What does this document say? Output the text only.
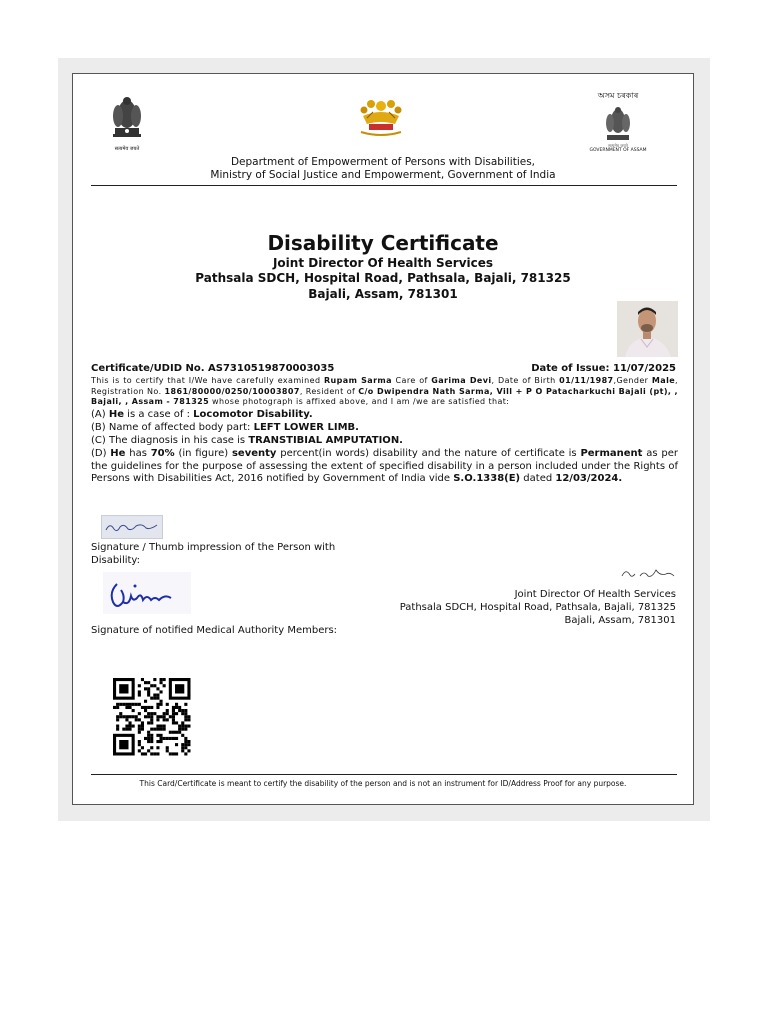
सत्यमेव जयते
অসম চৰকাৰ
सत्यमेव जयते
GOVERNMENT OF ASSAM
Department of Empowerment of Persons with Disabilities,
Ministry of Social Justice and Empowerment, Government of India
Disability Certificate
Joint Director Of Health Services
Pathsala SDCH, Hospital Road, Pathsala, Bajali, 781325
Bajali, Assam, 781301
Certificate/UDID No. AS7310519870003035	Date of Issue: 11/07/2025
This is to certify that I/We have carefully examined Rupam Sarma Care of Garima Devi, Date of Birth 01/11/1987,Gender Male, Registration No. 1861/80000/0250/10003807, Resident of C/o Dwipendra Nath Sarma, Vill + P O Patacharkuchi Bajali (pt), , Bajali, , Assam - 781325 whose photograph is affixed above, and I am /we are satisfied that:
(A) He is a case of : Locomotor Disability.
(B) Name of affected body part: LEFT LOWER LIMB.
(C) The diagnosis in his case is TRANSTIBIAL AMPUTATION.
(D) He has 70% (in figure) seventy percent(in words) disability and the nature of certificate is Permanent as per the guidelines for the purpose of assessing the extent of specified disability in a person included under the Rights of Persons with Disabilities Act, 2016 notified by Government of India vide S.O.1338(E) dated 12/03/2024.
Signature / Thumb impression of the Person with Disability:
Joint Director Of Health Services
Pathsala SDCH, Hospital Road, Pathsala, Bajali, 781325
Bajali, Assam, 781301
Signature of notified Medical Authority Members:
This Card/Certificate is meant to certify the disability of the person and is not an instrument for ID/Address Proof for any purpose.
